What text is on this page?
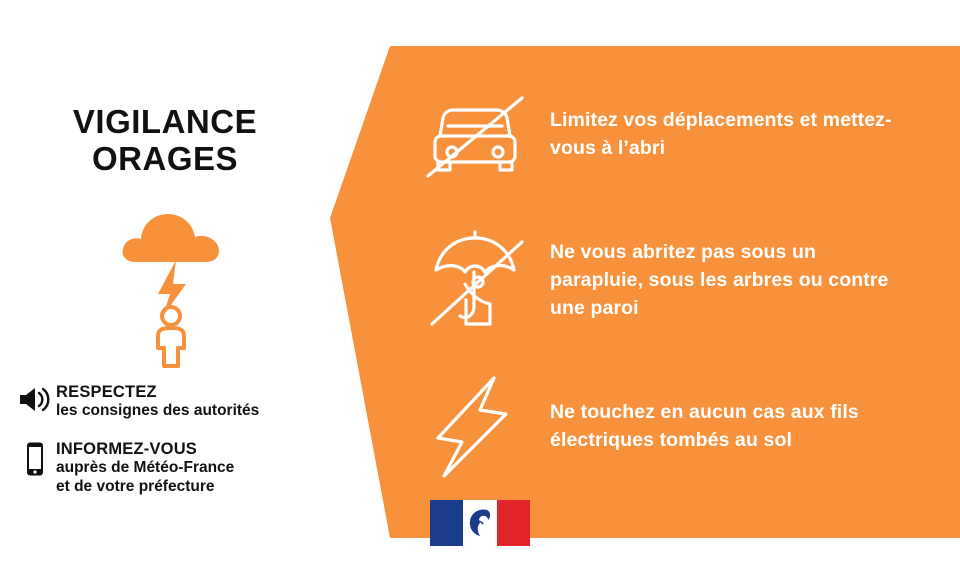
VIGILANCE
ORAGES
RESPECTEZ
les consignes des autorités
INFORMEZ-VOUS
auprès de Météo-France
et de votre préfecture
Limitez vos déplacements et mettez-vous à l’abri
Ne vous abritez pas sous un parapluie, sous les arbres ou contre une paroi
Ne touchez en aucun cas aux fils électriques tombés au sol
